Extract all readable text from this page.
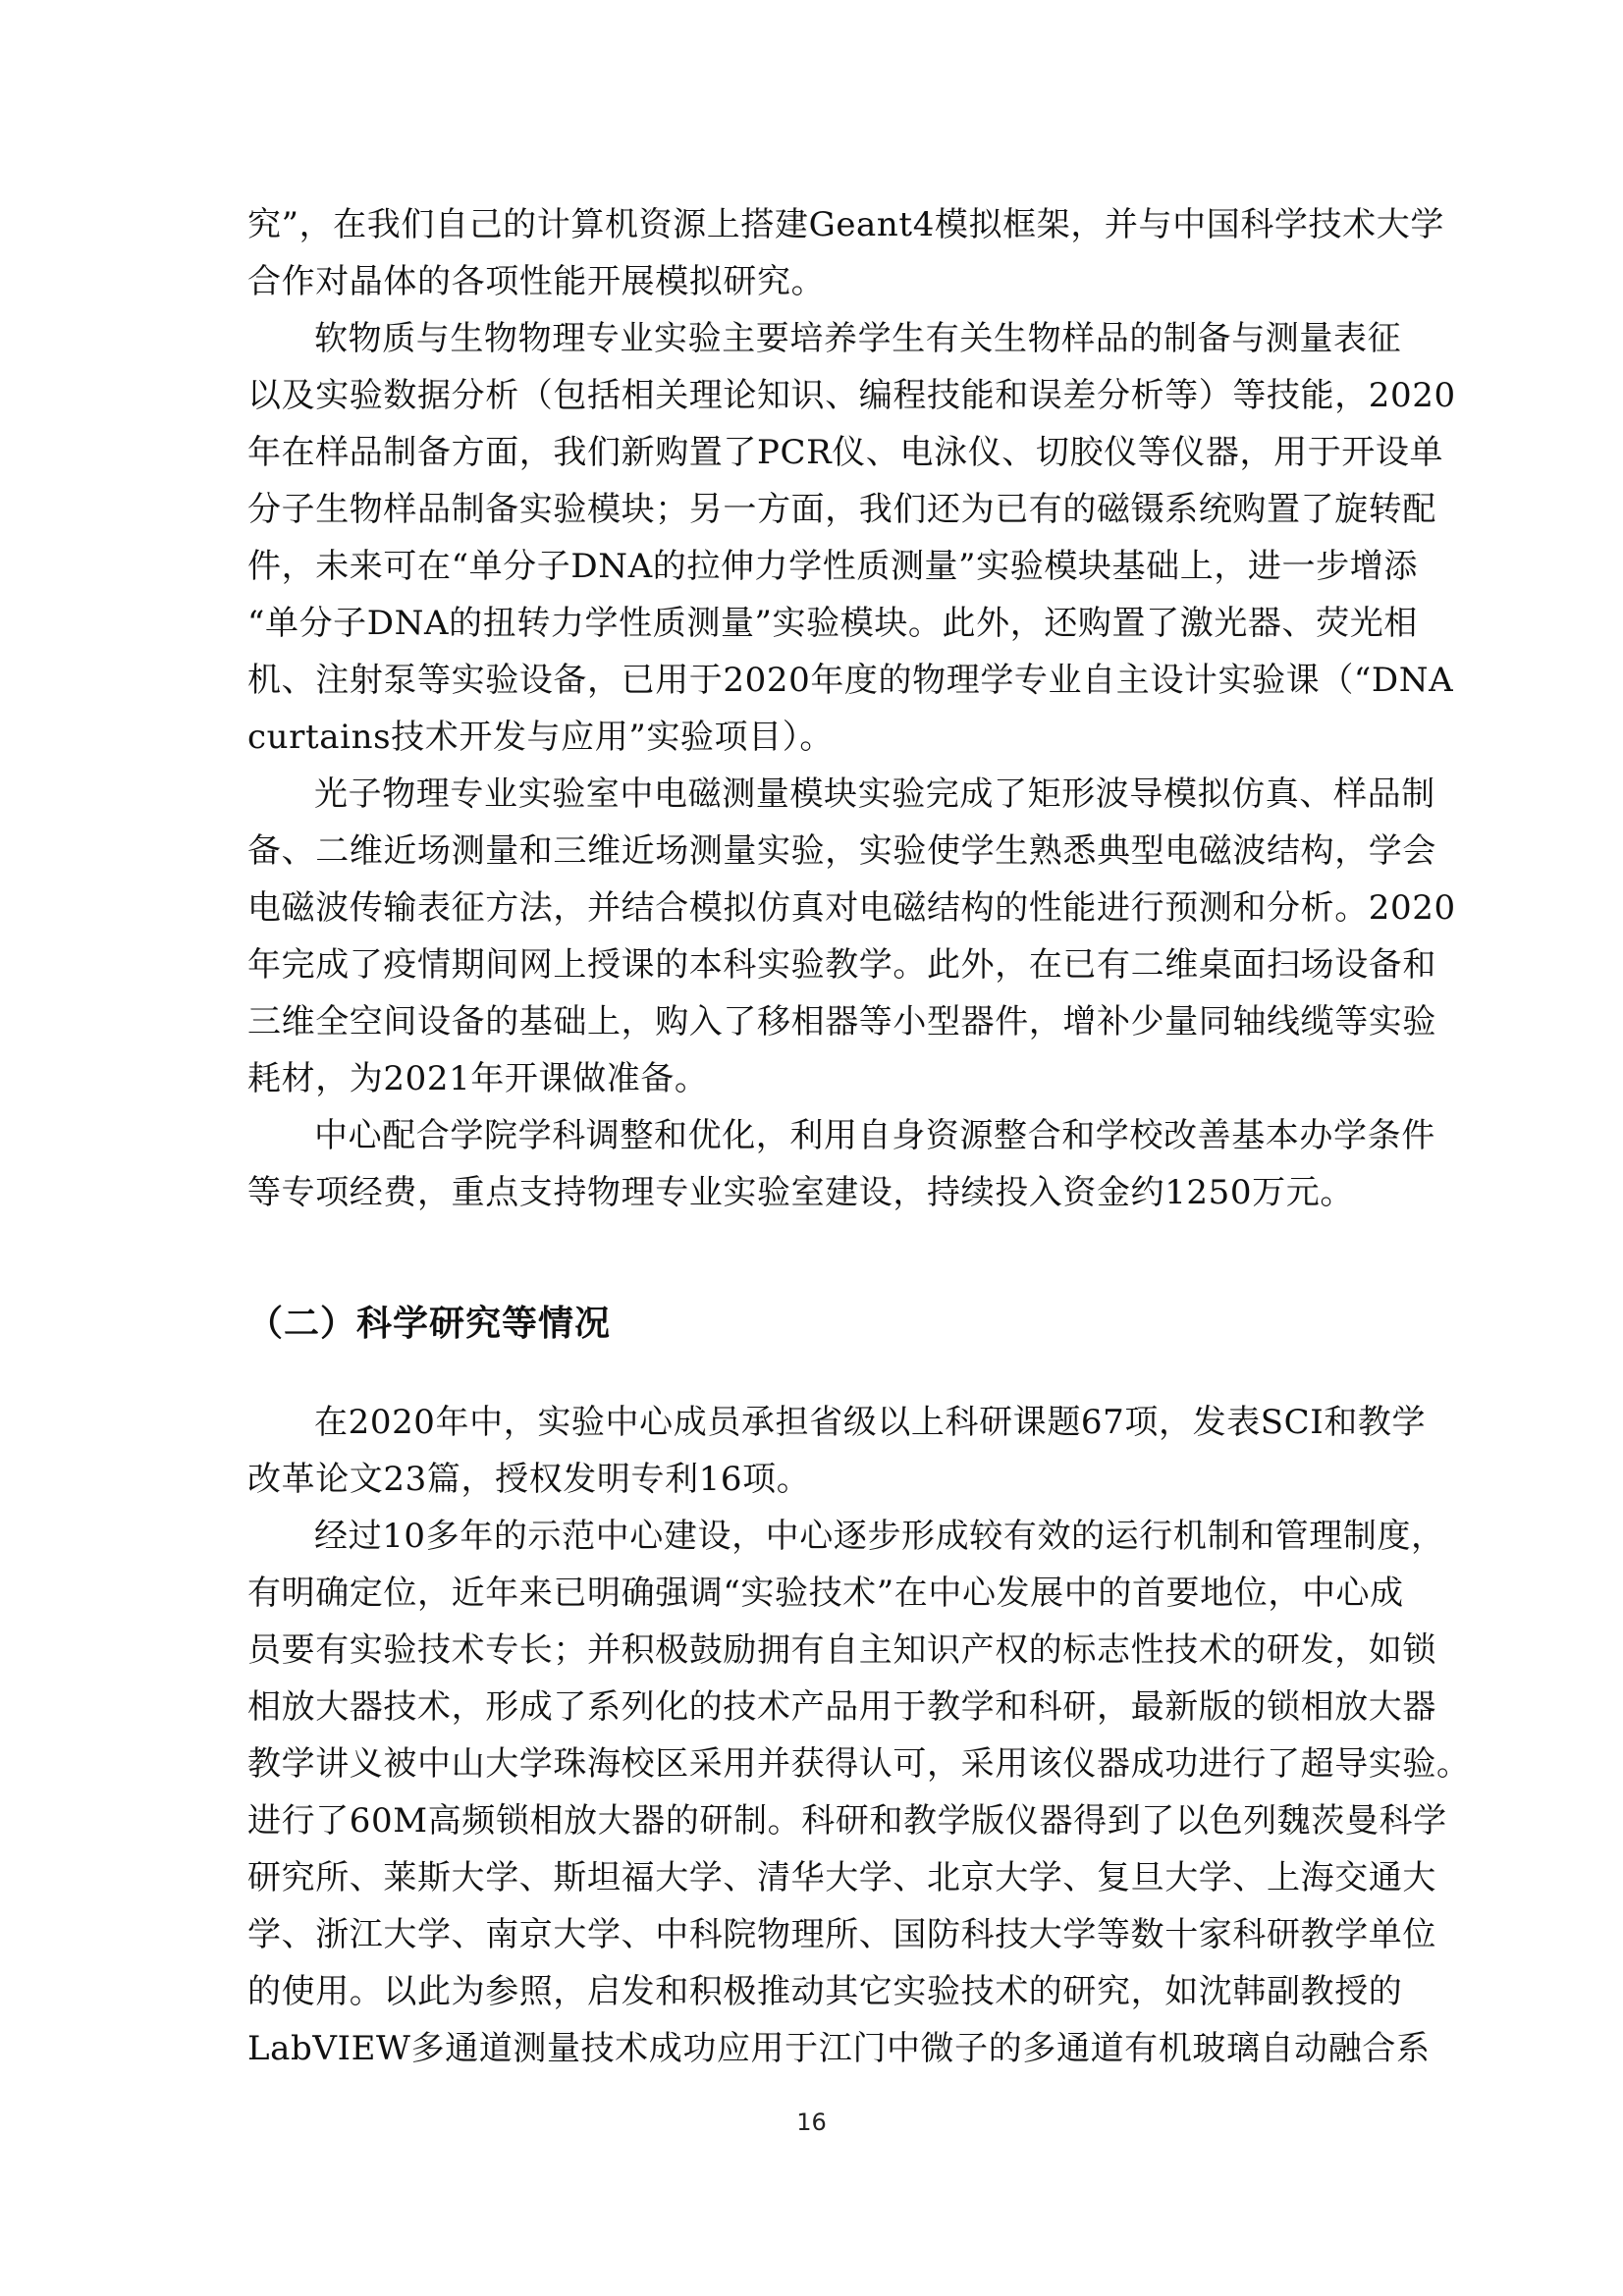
究”，在我们自己的计算机资源上搭建Geant4模拟框架，并与中国科学技术大学
合作对晶体的各项性能开展模拟研究。
软物质与生物物理专业实验主要培养学生有关生物样品的制备与测量表征
以及实验数据分析（包括相关理论知识、编程技能和误差分析等）等技能，2020
年在样品制备方面，我们新购置了PCR仪、电泳仪、切胶仪等仪器，用于开设单
分子生物样品制备实验模块；另一方面，我们还为已有的磁镊系统购置了旋转配
件，未来可在“单分子DNA的拉伸力学性质测量”实验模块基础上，进一步增添
“单分子DNA的扭转力学性质测量”实验模块。此外，还购置了激光器、荧光相
机、注射泵等实验设备，已用于2020年度的物理学专业自主设计实验课（“DNA
curtains技术开发与应用”实验项目）。
光子物理专业实验室中电磁测量模块实验完成了矩形波导模拟仿真、样品制
备、二维近场测量和三维近场测量实验，实验使学生熟悉典型电磁波结构，学会
电磁波传输表征方法，并结合模拟仿真对电磁结构的性能进行预测和分析。2020
年完成了疫情期间网上授课的本科实验教学。此外，在已有二维桌面扫场设备和
三维全空间设备的基础上，购入了移相器等小型器件，增补少量同轴线缆等实验
耗材，为2021年开课做准备。
中心配合学院学科调整和优化，利用自身资源整合和学校改善基本办学条件
等专项经费，重点支持物理专业实验室建设，持续投入资金约1250万元。
（二）科学研究等情况
在2020年中，实验中心成员承担省级以上科研课题67项，发表SCI和教学
改革论文23篇，授权发明专利16项。
经过10多年的示范中心建设，中心逐步形成较有效的运行机制和管理制度，
有明确定位，近年来已明确强调“实验技术”在中心发展中的首要地位，中心成
员要有实验技术专长；并积极鼓励拥有自主知识产权的标志性技术的研发，如锁
相放大器技术，形成了系列化的技术产品用于教学和科研，最新版的锁相放大器
教学讲义被中山大学珠海校区采用并获得认可，采用该仪器成功进行了超导实验。
进行了60M高频锁相放大器的研制。科研和教学版仪器得到了以色列魏茨曼科学
研究所、莱斯大学、斯坦福大学、清华大学、北京大学、复旦大学、上海交通大
学、浙江大学、南京大学、中科院物理所、国防科技大学等数十家科研教学单位
的使用。以此为参照，启发和积极推动其它实验技术的研究，如沈韩副教授的
LabVIEW多通道测量技术成功应用于江门中微子的多通道有机玻璃自动融合系
16
